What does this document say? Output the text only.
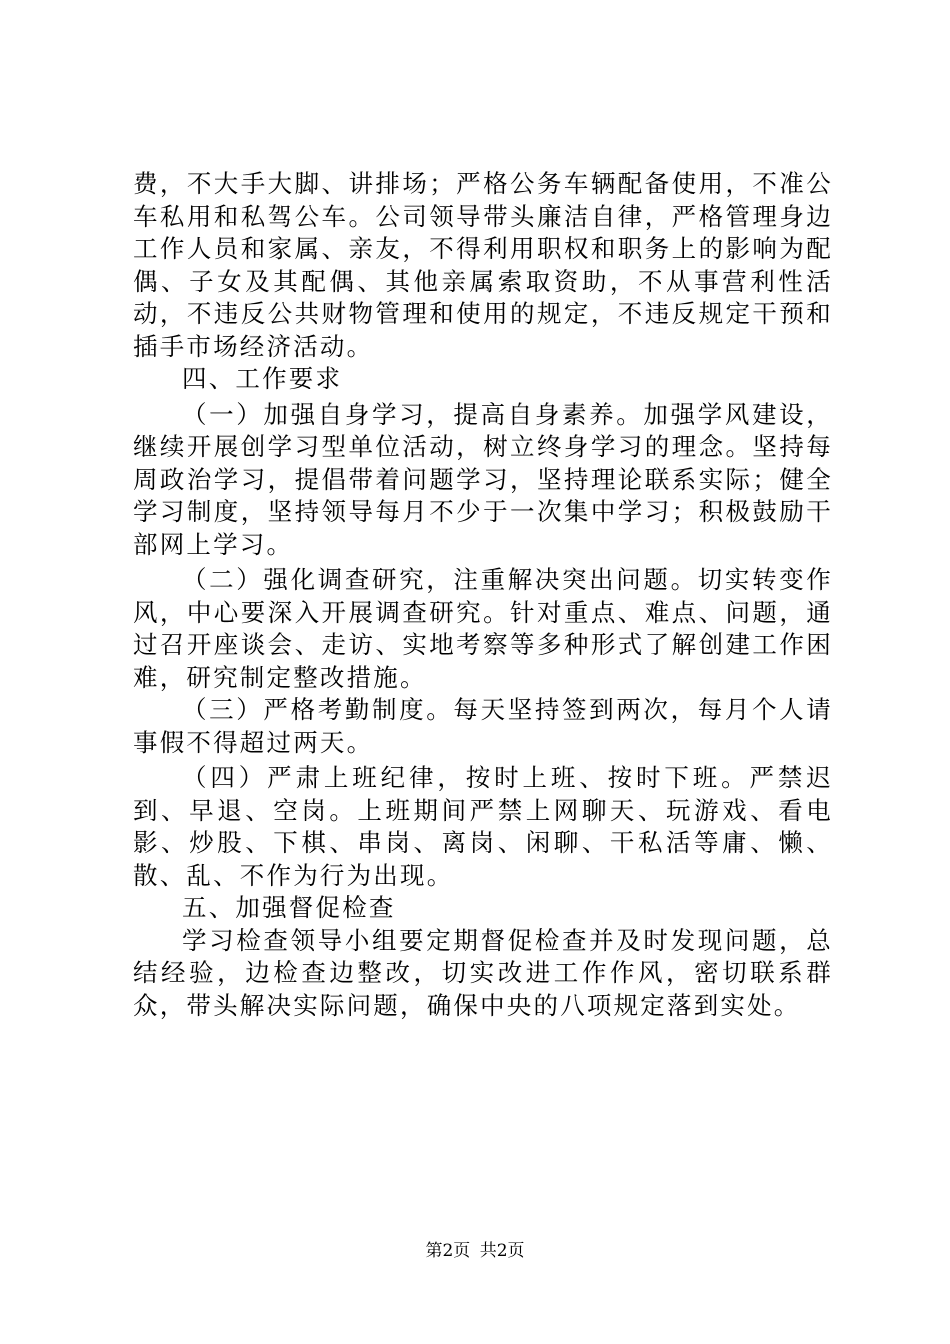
费，不大手大脚、讲排场；严格公务车辆配备使用，不准公车私用和私驾公车。公司领导带头廉洁自律，严格管理身边工作人员和家属、亲友，不得利用职权和职务上的影响为配偶、子女及其配偶、其他亲属索取资助，不从事营利性活动，不违反公共财物管理和使用的规定，不违反规定干预和插手市场经济活动。

四、工作要求

（一）加强自身学习，提高自身素养。加强学风建设，继续开展创学习型单位活动，树立终身学习的理念。坚持每周政治学习，提倡带着问题学习，坚持理论联系实际；健全学习制度，坚持领导每月不少于一次集中学习；积极鼓励干部网上学习。

（二）强化调查研究，注重解决突出问题。切实转变作风，中心要深入开展调查研究。针对重点、难点、问题，通过召开座谈会、走访、实地考察等多种形式了解创建工作困难，研究制定整改措施。

（三）严格考勤制度。每天坚持签到两次，每月个人请事假不得超过两天。

（四）严肃上班纪律，按时上班、按时下班。严禁迟到、早退、空岗。上班期间严禁上网聊天、玩游戏、看电影、炒股、下棋、串岗、离岗、闲聊、干私活等庸、懒、散、乱、不作为行为出现。

五、加强督促检查

学习检查领导小组要定期督促检查并及时发现问题，总结经验，边检查边整改，切实改进工作作风，密切联系群众，带头解决实际问题，确保中央的八项规定落到实处。

第2页 共2页
